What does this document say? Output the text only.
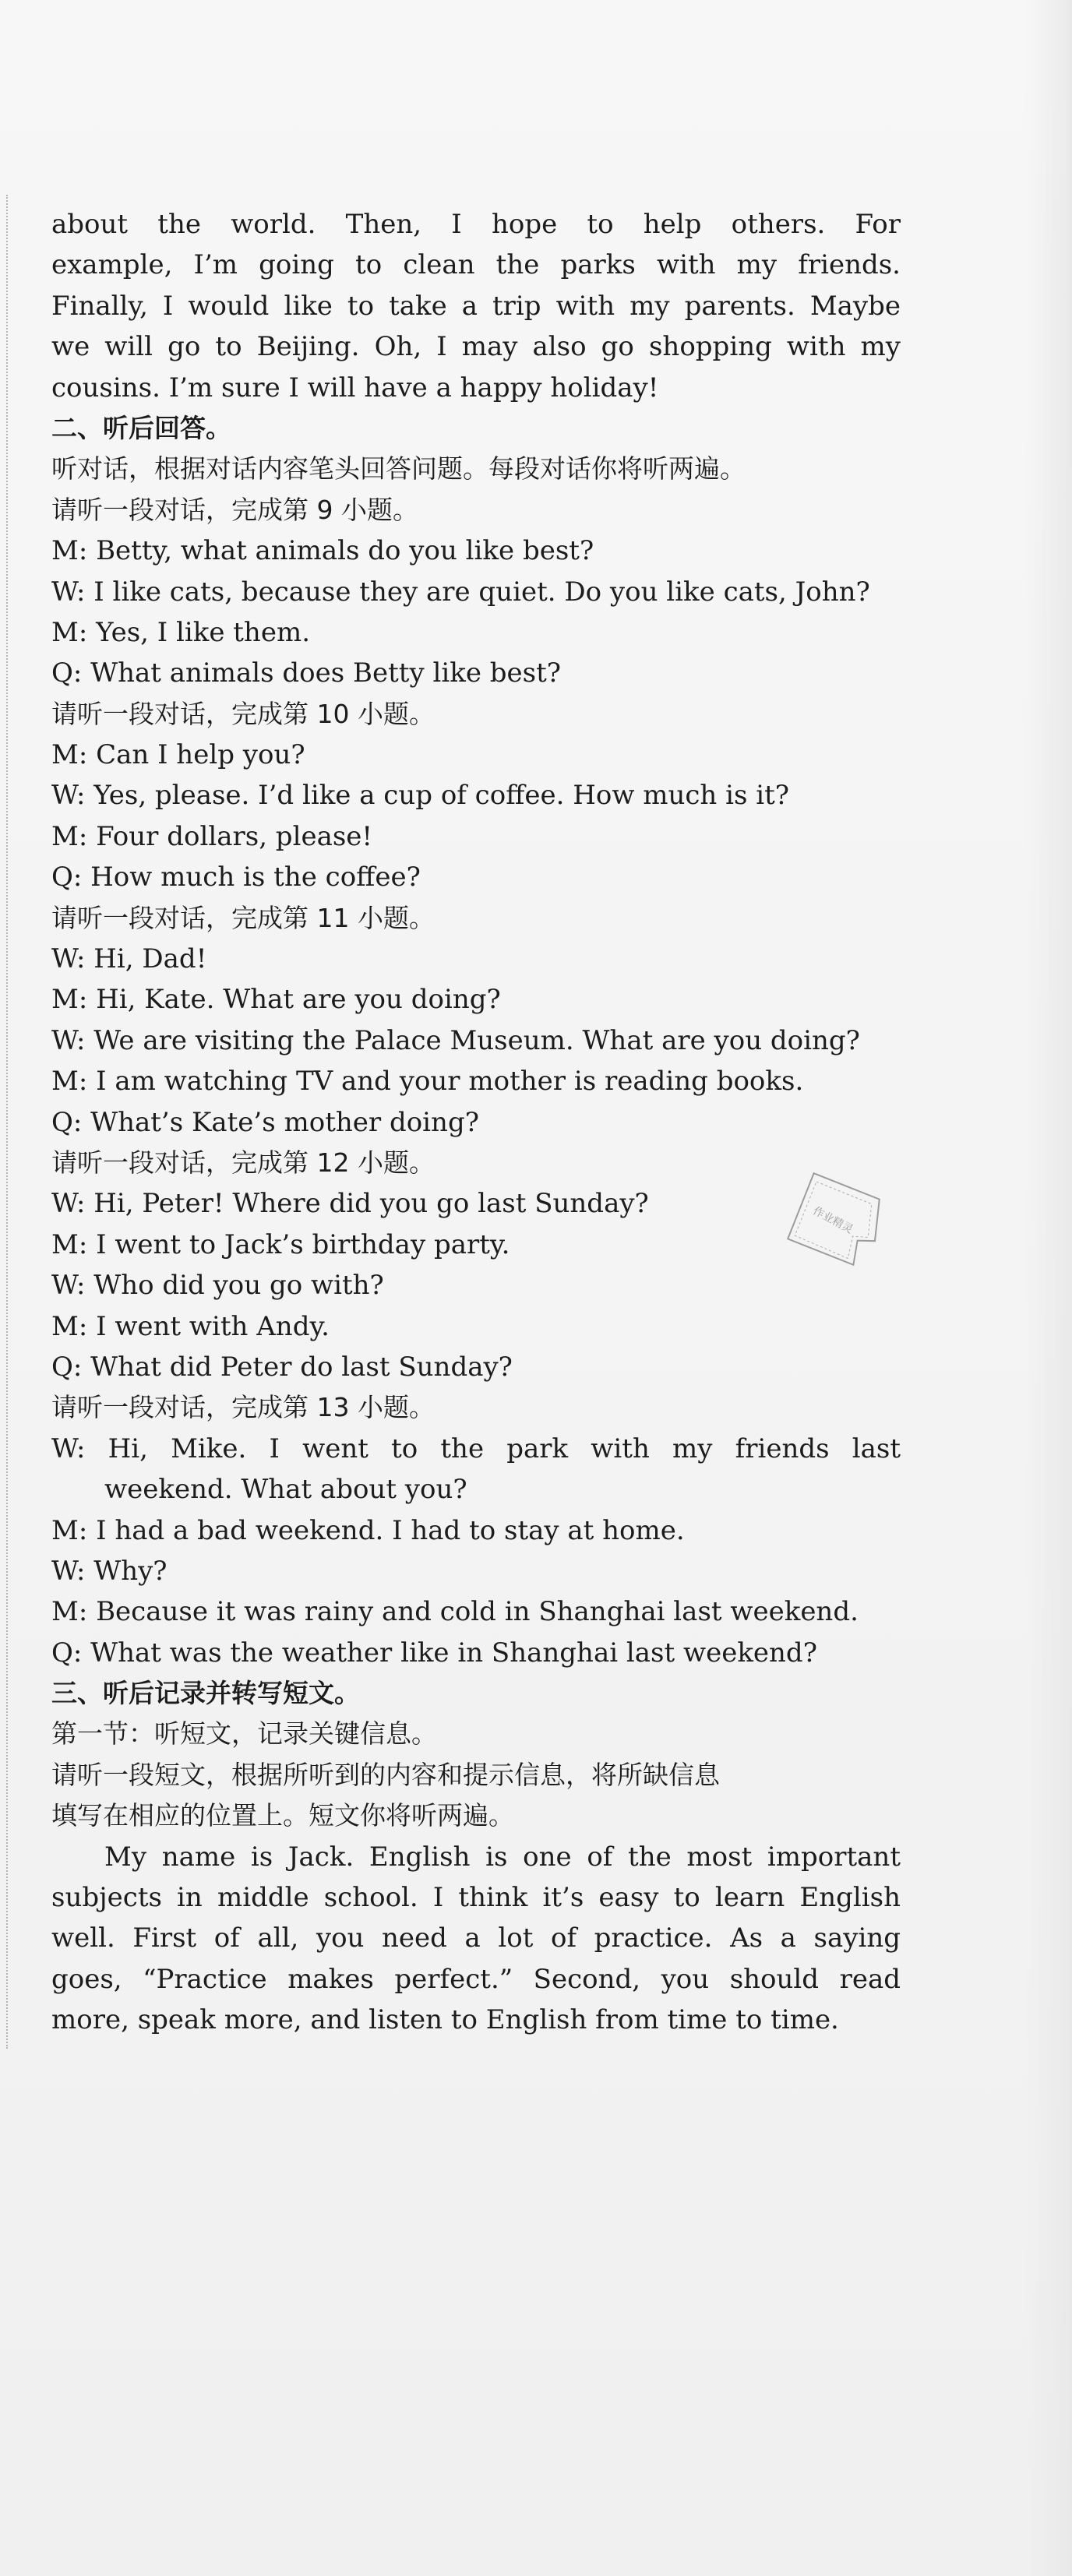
about the world. Then, I hope to help others. For
example, I’m going to clean the parks with my friends.
Finally, I would like to take a trip with my parents. Maybe
we will go to Beijing. Oh, I may also go shopping with my
cousins. I’m sure I will have a happy holiday!
二、听后回答。
听对话，根据对话内容笔头回答问题。每段对话你将听两遍。
请听一段对话，完成第 9 小题。
M: Betty, what animals do you like best?
W: I like cats, because they are quiet. Do you like cats, John?
M: Yes, I like them.
Q: What animals does Betty like best?
请听一段对话，完成第 10 小题。
M: Can I help you?
W: Yes, please. I’d like a cup of coffee. How much is it?
M: Four dollars, please!
Q: How much is the coffee?
请听一段对话，完成第 11 小题。
W: Hi, Dad!
M: Hi, Kate. What are you doing?
W: We are visiting the Palace Museum. What are you doing?
M: I am watching TV and your mother is reading books.
Q: What’s Kate’s mother doing?
请听一段对话，完成第 12 小题。
W: Hi, Peter! Where did you go last Sunday?
M: I went to Jack’s birthday party.
W: Who did you go with?
M: I went with Andy.
Q: What did Peter do last Sunday?
请听一段对话，完成第 13 小题。
W: Hi, Mike. I went to the park with my friends last
weekend. What about you?
M: I had a bad weekend. I had to stay at home.
W: Why?
M: Because it was rainy and cold in Shanghai last weekend.
Q: What was the weather like in Shanghai last weekend?
三、听后记录并转写短文。
第一节：听短文，记录关键信息。
请听一段短文，根据所听到的内容和提示信息，将所缺信息
填写在相应的位置上。短文你将听两遍。
My name is Jack. English is one of the most important
subjects in middle school. I think it’s easy to learn English
well. First of all, you need a lot of practice. As a saying
goes, “Practice makes perfect.” Second, you should read
more, speak more, and listen to English from time to time.
作业精灵
